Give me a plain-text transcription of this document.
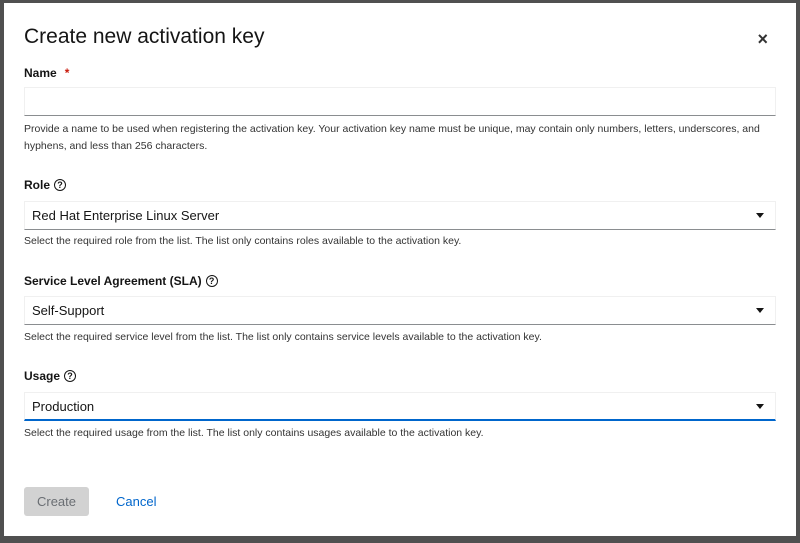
Create new activation key	×
Name *
Provide a name to be used when registering the activation key. Your activation key name must be unique, may contain only numbers, letters, underscores, and hyphens, and less than 256 characters.
Role ?
Red Hat Enterprise Linux Server
Select the required role from the list. The list only contains roles available to the activation key.
Service Level Agreement (SLA) ?
Self-Support
Select the required service level from the list. The list only contains service levels available to the activation key.
Usage ?
Production
Select the required usage from the list. The list only contains usages available to the activation key.
Create	Cancel
